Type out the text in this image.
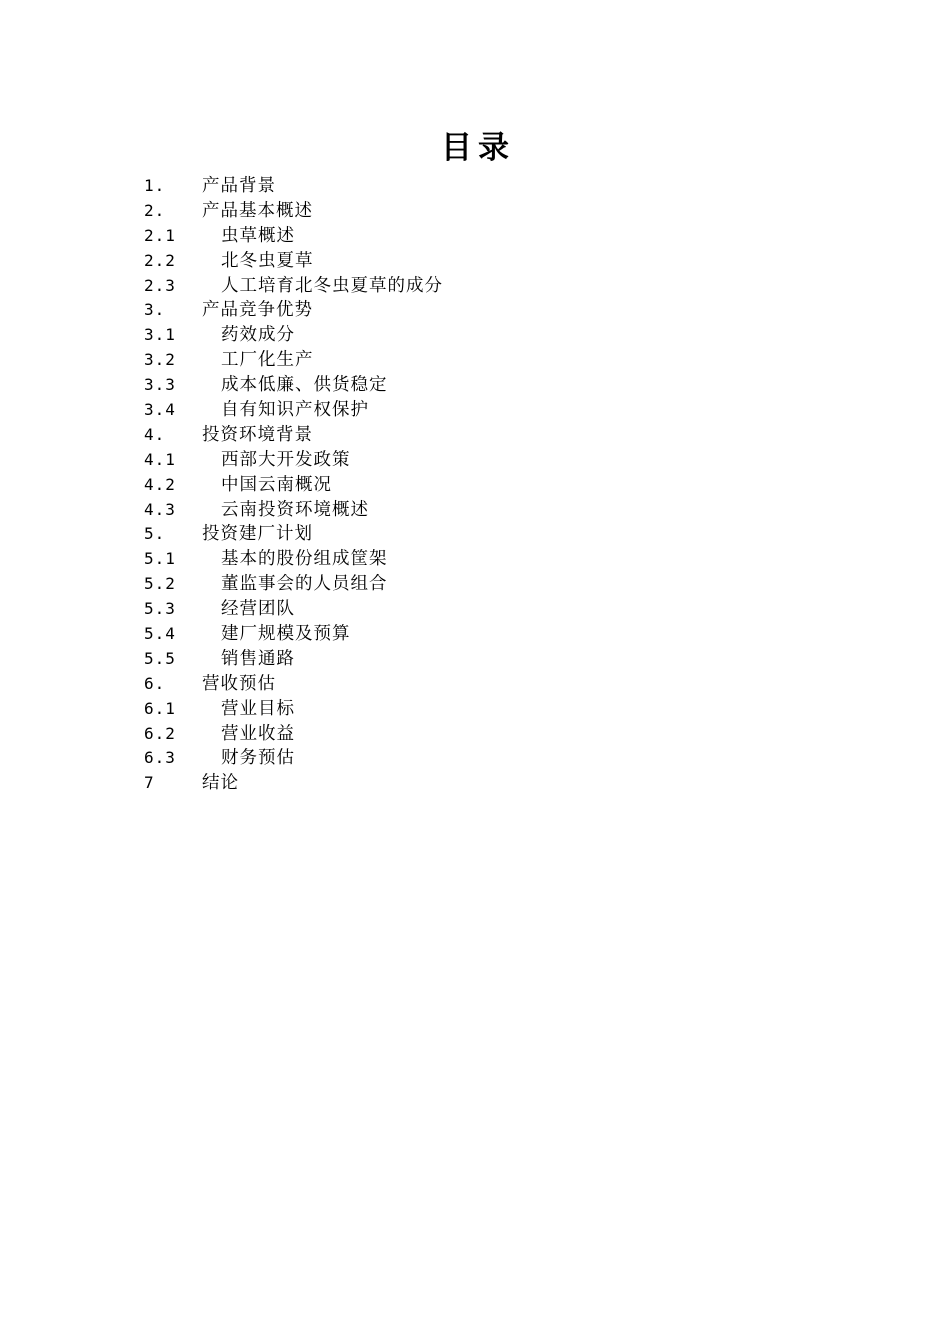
目录
1. 产品背景
2. 产品基本概述
2.1	虫草概述
2.2	北冬虫夏草
2.3	人工培育北冬虫夏草的成分
3. 产品竞争优势
3.1	药效成分
3.2	工厂化生产
3.3	成本低廉、供货稳定
3.4	自有知识产权保护
4. 投资环境背景
4.1	西部大开发政策
4.2	中国云南概况
4.3	云南投资环境概述
5. 投资建厂计划
5.1	基本的股份组成筐架
5.2	董监事会的人员组合
5.3	经营团队
5.4	建厂规模及预算
5.5	销售通路
6. 营收预估
6.1	营业目标
6.2	营业收益
6.3	财务预估
7	结论
